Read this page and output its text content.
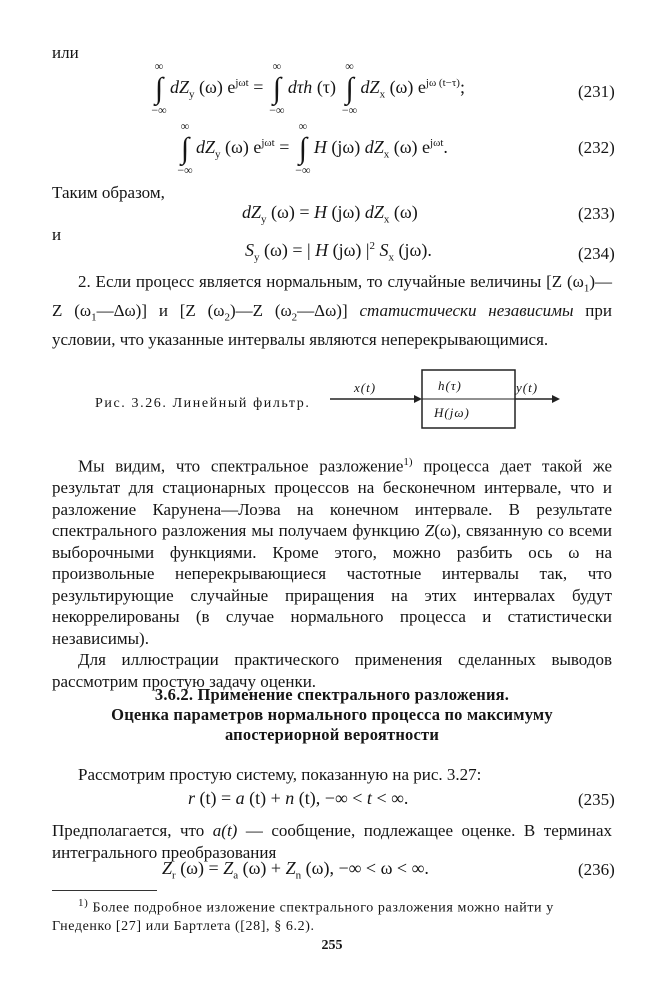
или
∞
∫
−∞
$dZ_y$ (ω) $e^{j\omega t}$ =
∞
∫
−∞
dτh (τ)
∞
∫
−∞
$dZ_x$ (ω) $e^{j\omega (t-\tau)}$;	(231)
∞
∫
−∞
$dZ_y$ (ω) $e^{j\omega t}$ =
∞
∫
−∞
H (jω) $dZ_x$ (ω) $e^{j\omega t}$.	(232)
Таким образом,
$dZ_y$ (ω) = H (jω) $dZ_x$ (ω)	(233)
и
$S_y$ (ω) = | H (jω) $|^2$ $S_x$ (jω).	(234)

2. Если процесс является нормальным, то случайные величины [Z $(\omega_1)—Z$ $(\omega_1—\Delta\omega)$] и [Z $(\omega_2)—Z$ $(\omega_2—\Delta\omega)$] статистически независимы при условии, что указанные интервалы являются неперекрывающимися.

Рис. 3.26. Линейный фильтр.
x(t)	y(t)
h(τ)
H(jω)

Мы видим, что спектральное разложение$^{1)}$ процесса дает такой же результат для стационарных процессов на бесконечном интервале, что и разложение Карунена—Лоэва на конечном интервале. В результате спектрального разложения мы получаем функцию Z(ω), связанную со всеми выборочными функциями. Кроме этого, можно разбить ось ω на произвольные неперекрывающиеся частотные интервалы так, что результирующие случайные приращения на этих интервалах будут некоррелированы (в случае нормального процесса и статистически независимы).

Для иллюстрации практического применения сделанных выводов рассмотрим простую задачу оценки.

3.6.2. Применение спектрального разложения.
Оценка параметров нормального процесса по максимуму
апостериорной вероятности

Рассмотрим простую систему, показанную на рис. 3.27:

r (t) = a (t) + n (t), −∞ < t < ∞.	(235)

Предполагается, что a(t) — сообщение, подлежащее оценке. В терминах интегрального преобразования

$Z_r$ $(\omega) = Z_a$ $(\omega) + Z_n$ (ω), −∞ < ω < ∞.	(236)
$^{1)}$ Более подробное изложение спектрального разложения можно найти у Гнеденко [27] или Бартлета ([28], § 6.2).
255
